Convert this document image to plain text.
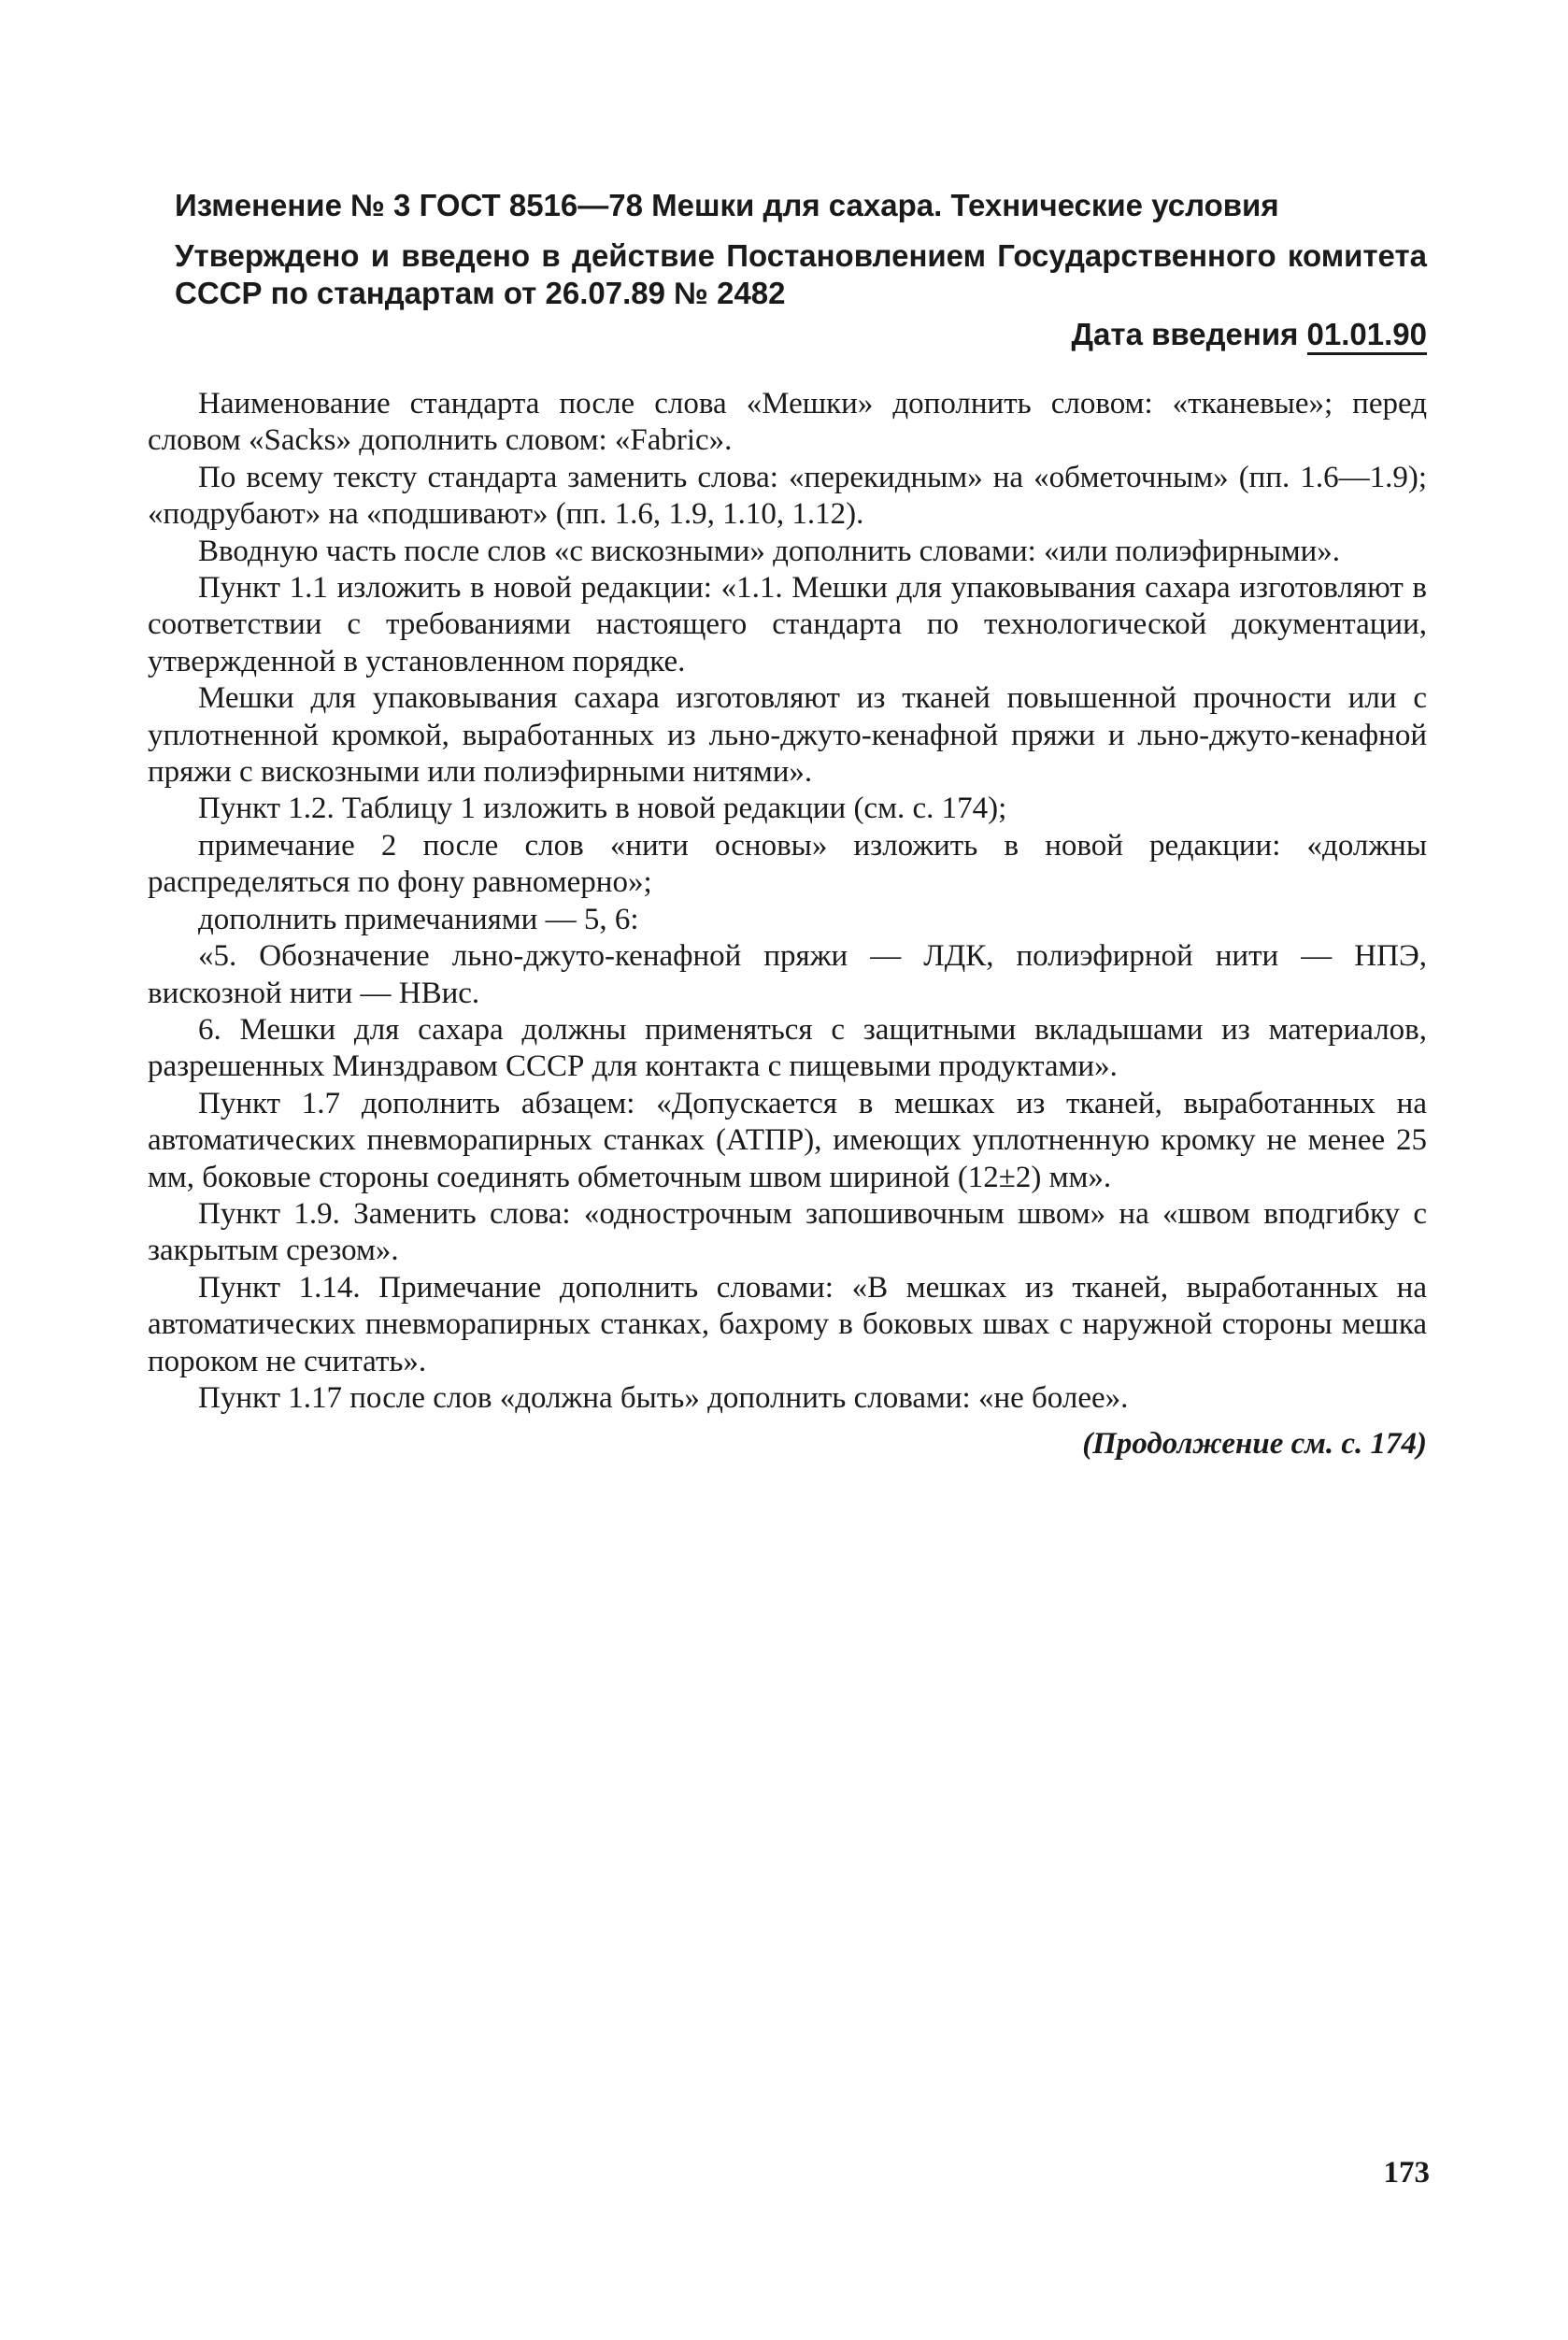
Изменение № 3 ГОСТ 8516—78 Мешки для сахара. Технические условия
Утверждено и введено в действие Постановлением Государственного комитета СССР по стандартам от 26.07.89 № 2482
Дата введения 01.01.90

Наименование стандарта после слова «Мешки» дополнить словом: «тканевые»; перед словом «Sacks» дополнить словом: «Fabric».

По всему тексту стандарта заменить слова: «перекидным» на «обметочным» (пп. 1.6—1.9); «подрубают» на «подшивают» (пп. 1.6, 1.9, 1.10, 1.12).

Вводную часть после слов «с вискозными» дополнить словами: «или полиэфирными».

Пункт 1.1 изложить в новой редакции: «1.1. Мешки для упаковывания сахара изготовляют в соответствии с требованиями настоящего стандарта по технологической документации, утвержденной в установленном порядке.

Мешки для упаковывания сахара изготовляют из тканей повышенной прочности или с уплотненной кромкой, выработанных из льно-джуто-кенафной пряжи и льно-джуто-кенафной пряжи с вискозными или полиэфирными нитями».

Пункт 1.2. Таблицу 1 изложить в новой редакции (см. с. 174);

примечание 2 после слов «нити основы» изложить в новой редакции: «должны распределяться по фону равномерно»;

дополнить примечаниями — 5, 6:

«5. Обозначение льно-джуто-кенафной пряжи — ЛДК, полиэфирной нити — НПЭ, вискозной нити — НВис.

6. Мешки для сахара должны применяться с защитными вкладышами из материалов, разрешенных Минздравом СССР для контакта с пищевыми продуктами».

Пункт 1.7 дополнить абзацем: «Допускается в мешках из тканей, выработанных на автоматических пневморапирных станках (АТПР), имеющих уплотненную кромку не менее 25 мм, боковые стороны соединять обметочным швом шириной (12±2) мм».

Пункт 1.9. Заменить слова: «однострочным запошивочным швом» на «швом вподгибку с закрытым срезом».

Пункт 1.14. Примечание дополнить словами: «В мешках из тканей, выработанных на автоматических пневморапирных станках, бахрому в боковых швах с наружной стороны мешка пороком не считать».

Пункт 1.17 после слов «должна быть» дополнить словами: «не более».

(Продолжение см. с. 174)
173
